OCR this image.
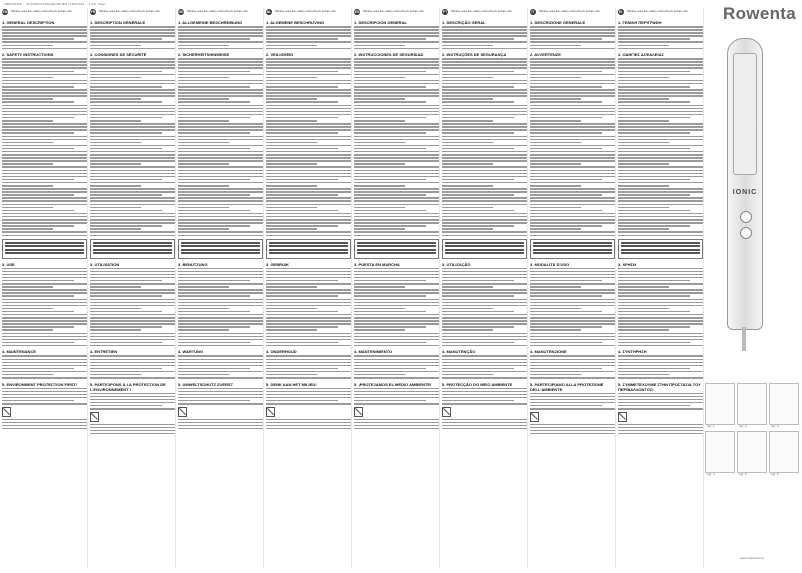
1800123456 ... SF7440C0 STRAIGHTENER / 18/5/2022 ... 1 Fol. Page	Rowenta
EN Please read the safety instructions before use
1. GENERAL DESCRIPTION
2. SAFETY INSTRUCTIONS
3. USE
4. MAINTENANCE
5. ENVIRONMENT PROTECTION FIRST!
FR Please read the safety instructions before use
1. DESCRIPTION GÉNÉRALE
2. CONSIGNES DE SÉCURITÉ
3. UTILISATION
4. ENTRETIEN
5. PARTICIPONS À LA PROTECTION DE L'ENVIRONNEMENT !
DE Please read the safety instructions before use
1. ALLGEMEINE BESCHREIBUNG
2. SICHERHEITSHINWEISE
3. BENUTZUNG
4. WARTUNG
5. UMWELTSCHUTZ ZUERST
NL Please read the safety instructions before use
1. ALGEMENE BESCHRIJVING
2. VEILIGHEID
3. GEBRUIK
4. ONDERHOUD
5. DENK AAN HET MILIEU!
ES Please read the safety instructions before use
1. DESCRIPCIÓN GENERAL
2. INSTRUCCIONES DE SEGURIDAD
3. PUESTA EN MARCHA
4. MANTENIMIENTO
5. ¡PROTEJAMOS EL MEDIO AMBIENTE!
PT Please read the safety instructions before use
1. DESCRIÇÃO GERAL
2. INSTRUÇÕES DE SEGURANÇA
3. UTILIZAÇÃO
4. MANUTENÇÃO
5. PROTECÇÃO DO MEIO AMBIENTE
IT	Please read the safety instructions before use
1. DESCRIZIONE GENERALE
2. AVVERTENZE
3. MODALITÀ D'USO
4. MANUTENZIONE
5. PARTECIPIAMO ALLA PROTEZIONE DELL'AMBIENTE
EL Please read the safety instructions before use
1. ΓΕΝΙΚΗ ΠΕΡΙΓΡΑΦΗ
2. ΟΔΗΓΙΕΣ ΑΣΦΑΛΕΙΑΣ
3. ΧΡΗΣΗ
4. ΣΥΝΤΗΡΗΣΗ
5. ΣΥΜΜΕΤΕΧΟΥΜΕ ΣΤΗΝ ΠΡΟΣΤΑΣΙΑ ΤΟΥ ΠΕΡΙΒΑΛΛΟΝΤΟΣ!
IONIC
Fig. 1	Fig. 2	Fig. 3
Fig. 4	Fig. 5	Fig. 6
www.rowenta.com
